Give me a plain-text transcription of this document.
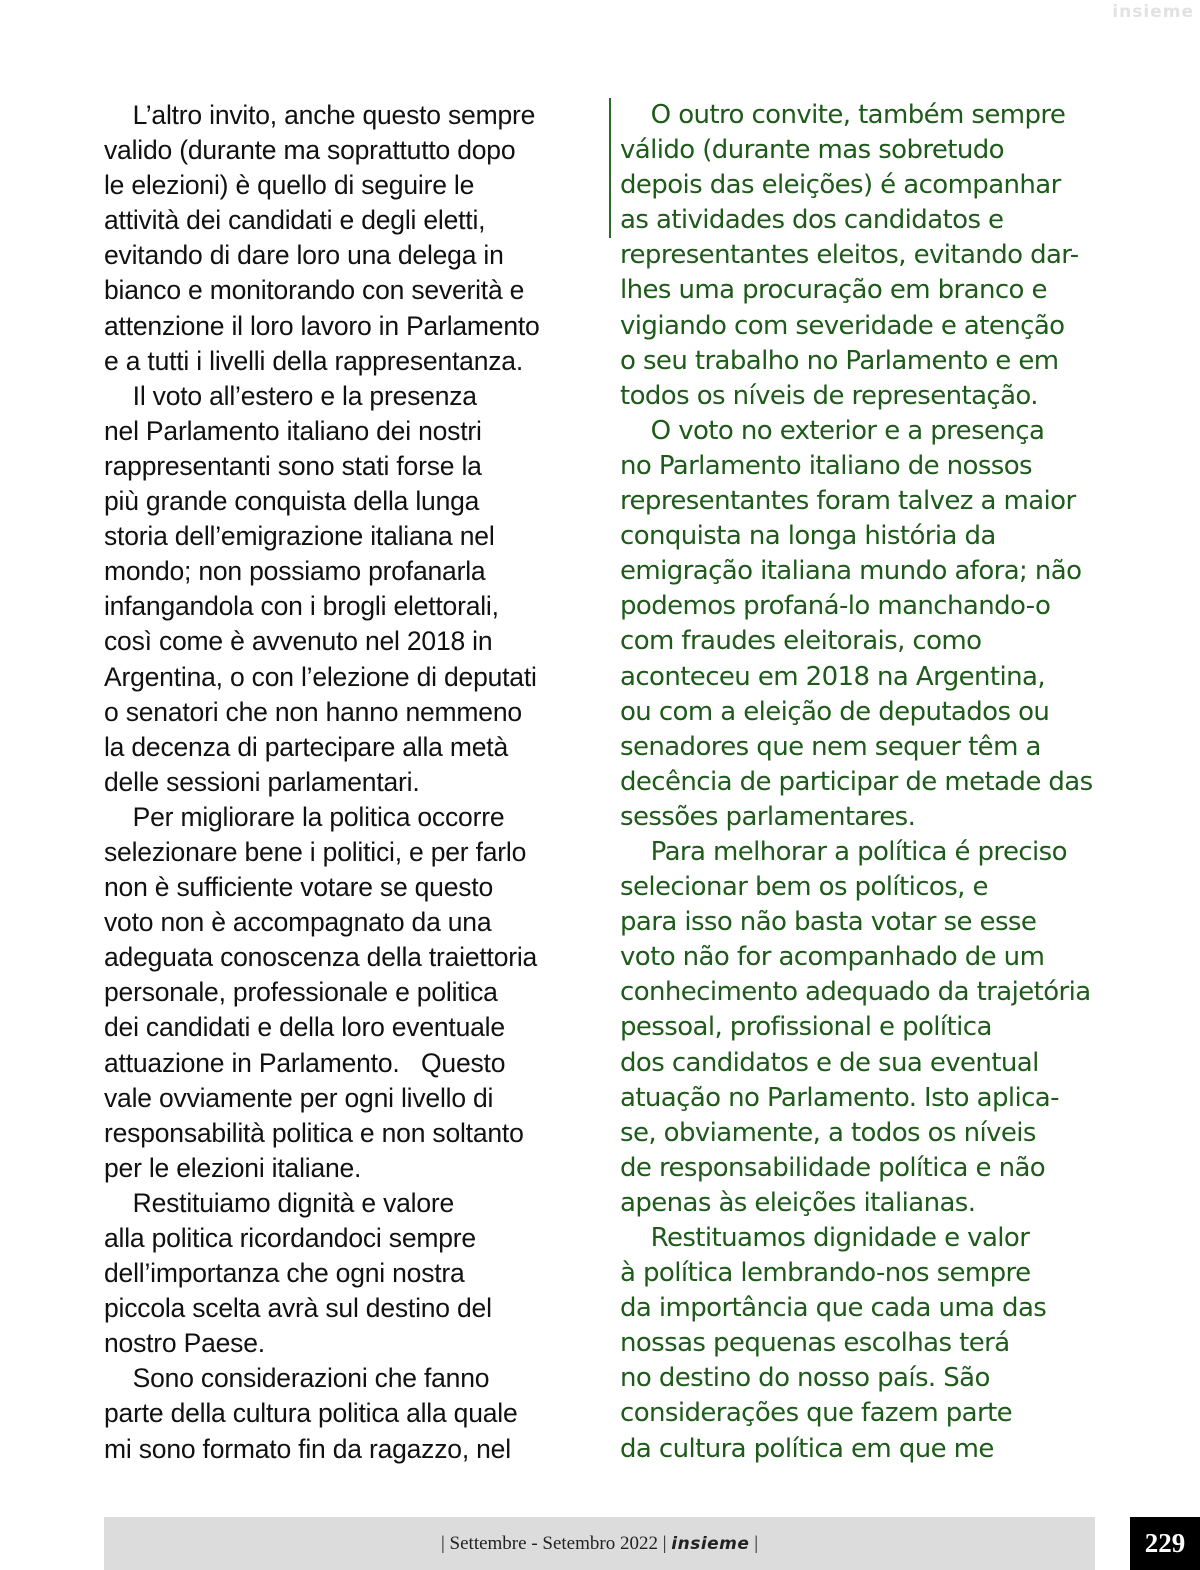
insieme
L’altro invito, anche questo sempre
valido (durante ma soprattutto dopo
le elezioni) è quello di seguire le
attività dei candidati e degli eletti,
evitando di dare loro una delega in
bianco e monitorando con severità e
attenzione il loro lavoro in Parlamento
e a tutti i livelli della rappresentanza.
Il voto all’estero e la presenza
nel Parlamento italiano dei nostri
rappresentanti sono stati forse la
più grande conquista della lunga
storia dell’emigrazione italiana nel
mondo; non possiamo profanarla
infangandola con i brogli elettorali,
così come è avvenuto nel 2018 in
Argentina, o con l’elezione di deputati
o senatori che non hanno nemmeno
la decenza di partecipare alla metà
delle sessioni parlamentari.
Per migliorare la politica occorre
selezionare bene i politici, e per farlo
non è sufficiente votare se questo
voto non è accompagnato da una
adeguata conoscenza della traiettoria
personale, professionale e politica
dei candidati e della loro eventuale
attuazione in Parlamento.   Questo
vale ovviamente per ogni livello di
responsabilità politica e non soltanto
per le elezioni italiane.
Restituiamo dignità e valore
alla politica ricordandoci sempre
dell’importanza che ogni nostra
piccola scelta avrà sul destino del
nostro Paese.
Sono considerazioni che fanno
parte della cultura politica alla quale
mi sono formato fin da ragazzo, nel
O outro convite, também sempre
válido (durante mas sobretudo
depois das eleições) é acompanhar
as atividades dos candidatos e
representantes eleitos, evitando dar-
lhes uma procuração em branco e
vigiando com severidade e atenção
o seu trabalho no Parlamento e em
todos os níveis de representação.
O voto no exterior e a presença
no Parlamento italiano de nossos
representantes foram talvez a maior
conquista na longa história da
emigração italiana mundo afora; não
podemos profaná-lo manchando-o
com fraudes eleitorais, como
aconteceu em 2018 na Argentina,
ou com a eleição de deputados ou
senadores que nem sequer têm a
decência de participar de metade das
sessões parlamentares.
Para melhorar a política é preciso
selecionar bem os políticos, e
para isso não basta votar se esse
voto não for acompanhado de um
conhecimento adequado da trajetória
pessoal, profissional e política
dos candidatos e de sua eventual
atuação no Parlamento. Isto aplica-
se, obviamente, a todos os níveis
de responsabilidade política e não
apenas às eleições italianas.
Restituamos dignidade e valor
à política lembrando-nos sempre
da importância que cada uma das
nossas pequenas escolhas terá
no destino do nosso país. São
considerações que fazem parte
da cultura política em que me
| Settembre - Setembro 2022 | insieme |	229
